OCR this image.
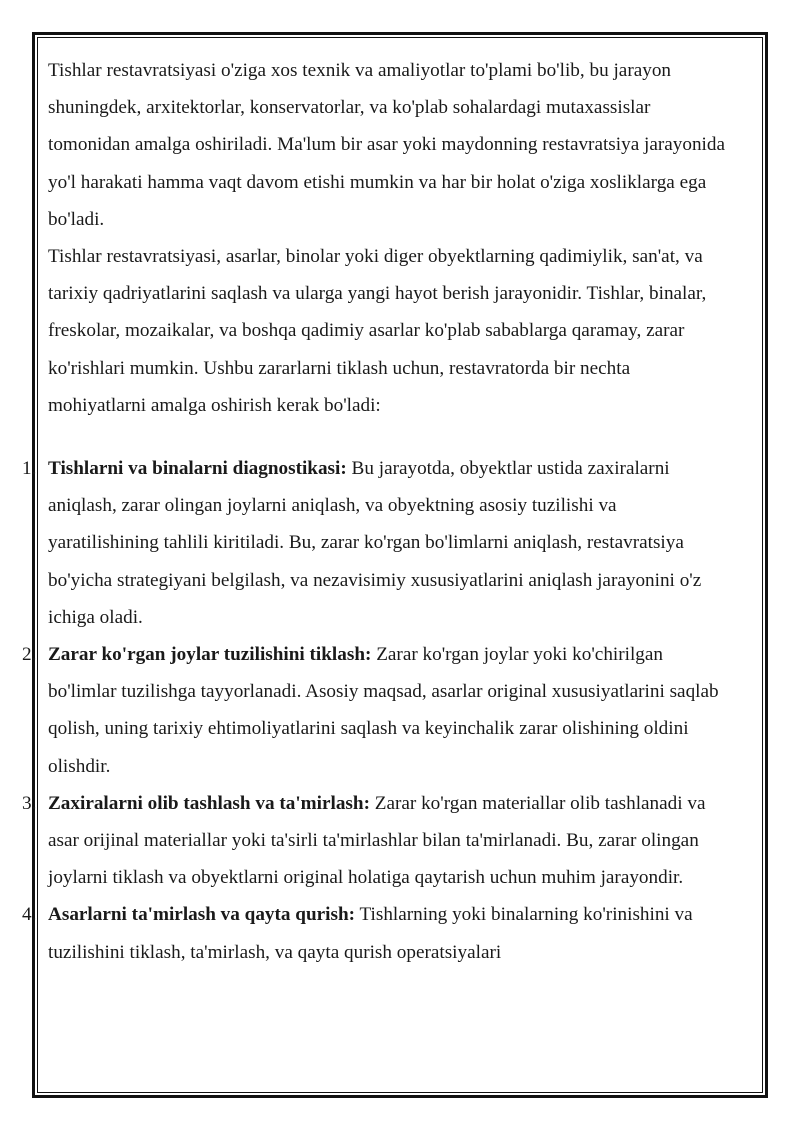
Tishlar restavratsiyasi o'ziga xos texnik va amaliyotlar to'plami bo'lib, bu jarayon shuningdek, arxitektorlar, konservatorlar, va ko'plab sohalardagi mutaxassislar tomonidan amalga oshiriladi. Ma'lum bir asar yoki maydonning restavratsiya jarayonida yo'l harakati hamma vaqt davom etishi mumkin va har bir holat o'ziga xosliklarga ega bo'ladi.

Tishlar restavratsiyasi, asarlar, binolar yoki diger obyektlarning qadimiylik, san'at, va tarixiy qadriyatlarini saqlash va ularga yangi hayot berish jarayonidir. Tishlar, binalar, freskolar, mozaikalar, va boshqa qadimiy asarlar ko'plab sabablarga qaramay, zarar ko'rishlari mumkin. Ushbu zararlarni tiklash uchun, restavratorda bir nechta mohiyatlarni amalga oshirish kerak bo'ladi:

1. Tishlarni va binalarni diagnostikasi: Bu jarayotda, obyektlar ustida zaxiralarni aniqlash, zarar olingan joylarni aniqlash, va obyektning asosiy tuzilishi va yaratilishining tahlili kiritiladi. Bu, zarar ko'rgan bo'limlarni aniqlash, restavratsiya bo'yicha strategiyani belgilash, va nezavisimiy xususiyatlarini aniqlash jarayonini o'z ichiga oladi.
2. Zarar ko'rgan joylar tuzilishini tiklash: Zarar ko'rgan joylar yoki ko'chirilgan bo'limlar tuzilishga tayyorlanadi. Asosiy maqsad, asarlar original xususiyatlarini saqlab qolish, uning tarixiy ehtimoliyatlarini saqlash va keyinchalik zarar olishining oldini olishdir.
3. Zaxiralarni olib tashlash va ta'mirlash: Zarar ko'rgan materiallar olib tashlanadi va asar orijinal materiallar yoki ta'sirli ta'mirlashlar bilan ta'mirlanadi. Bu, zarar olingan joylarni tiklash va obyektlarni original holatiga qaytarish uchun muhim jarayondir.
4. Asarlarni ta'mirlash va qayta qurish: Tishlarning yoki binalarning ko'rinishini va tuzilishini tiklash, ta'mirlash, va qayta qurish operatsiyalari
